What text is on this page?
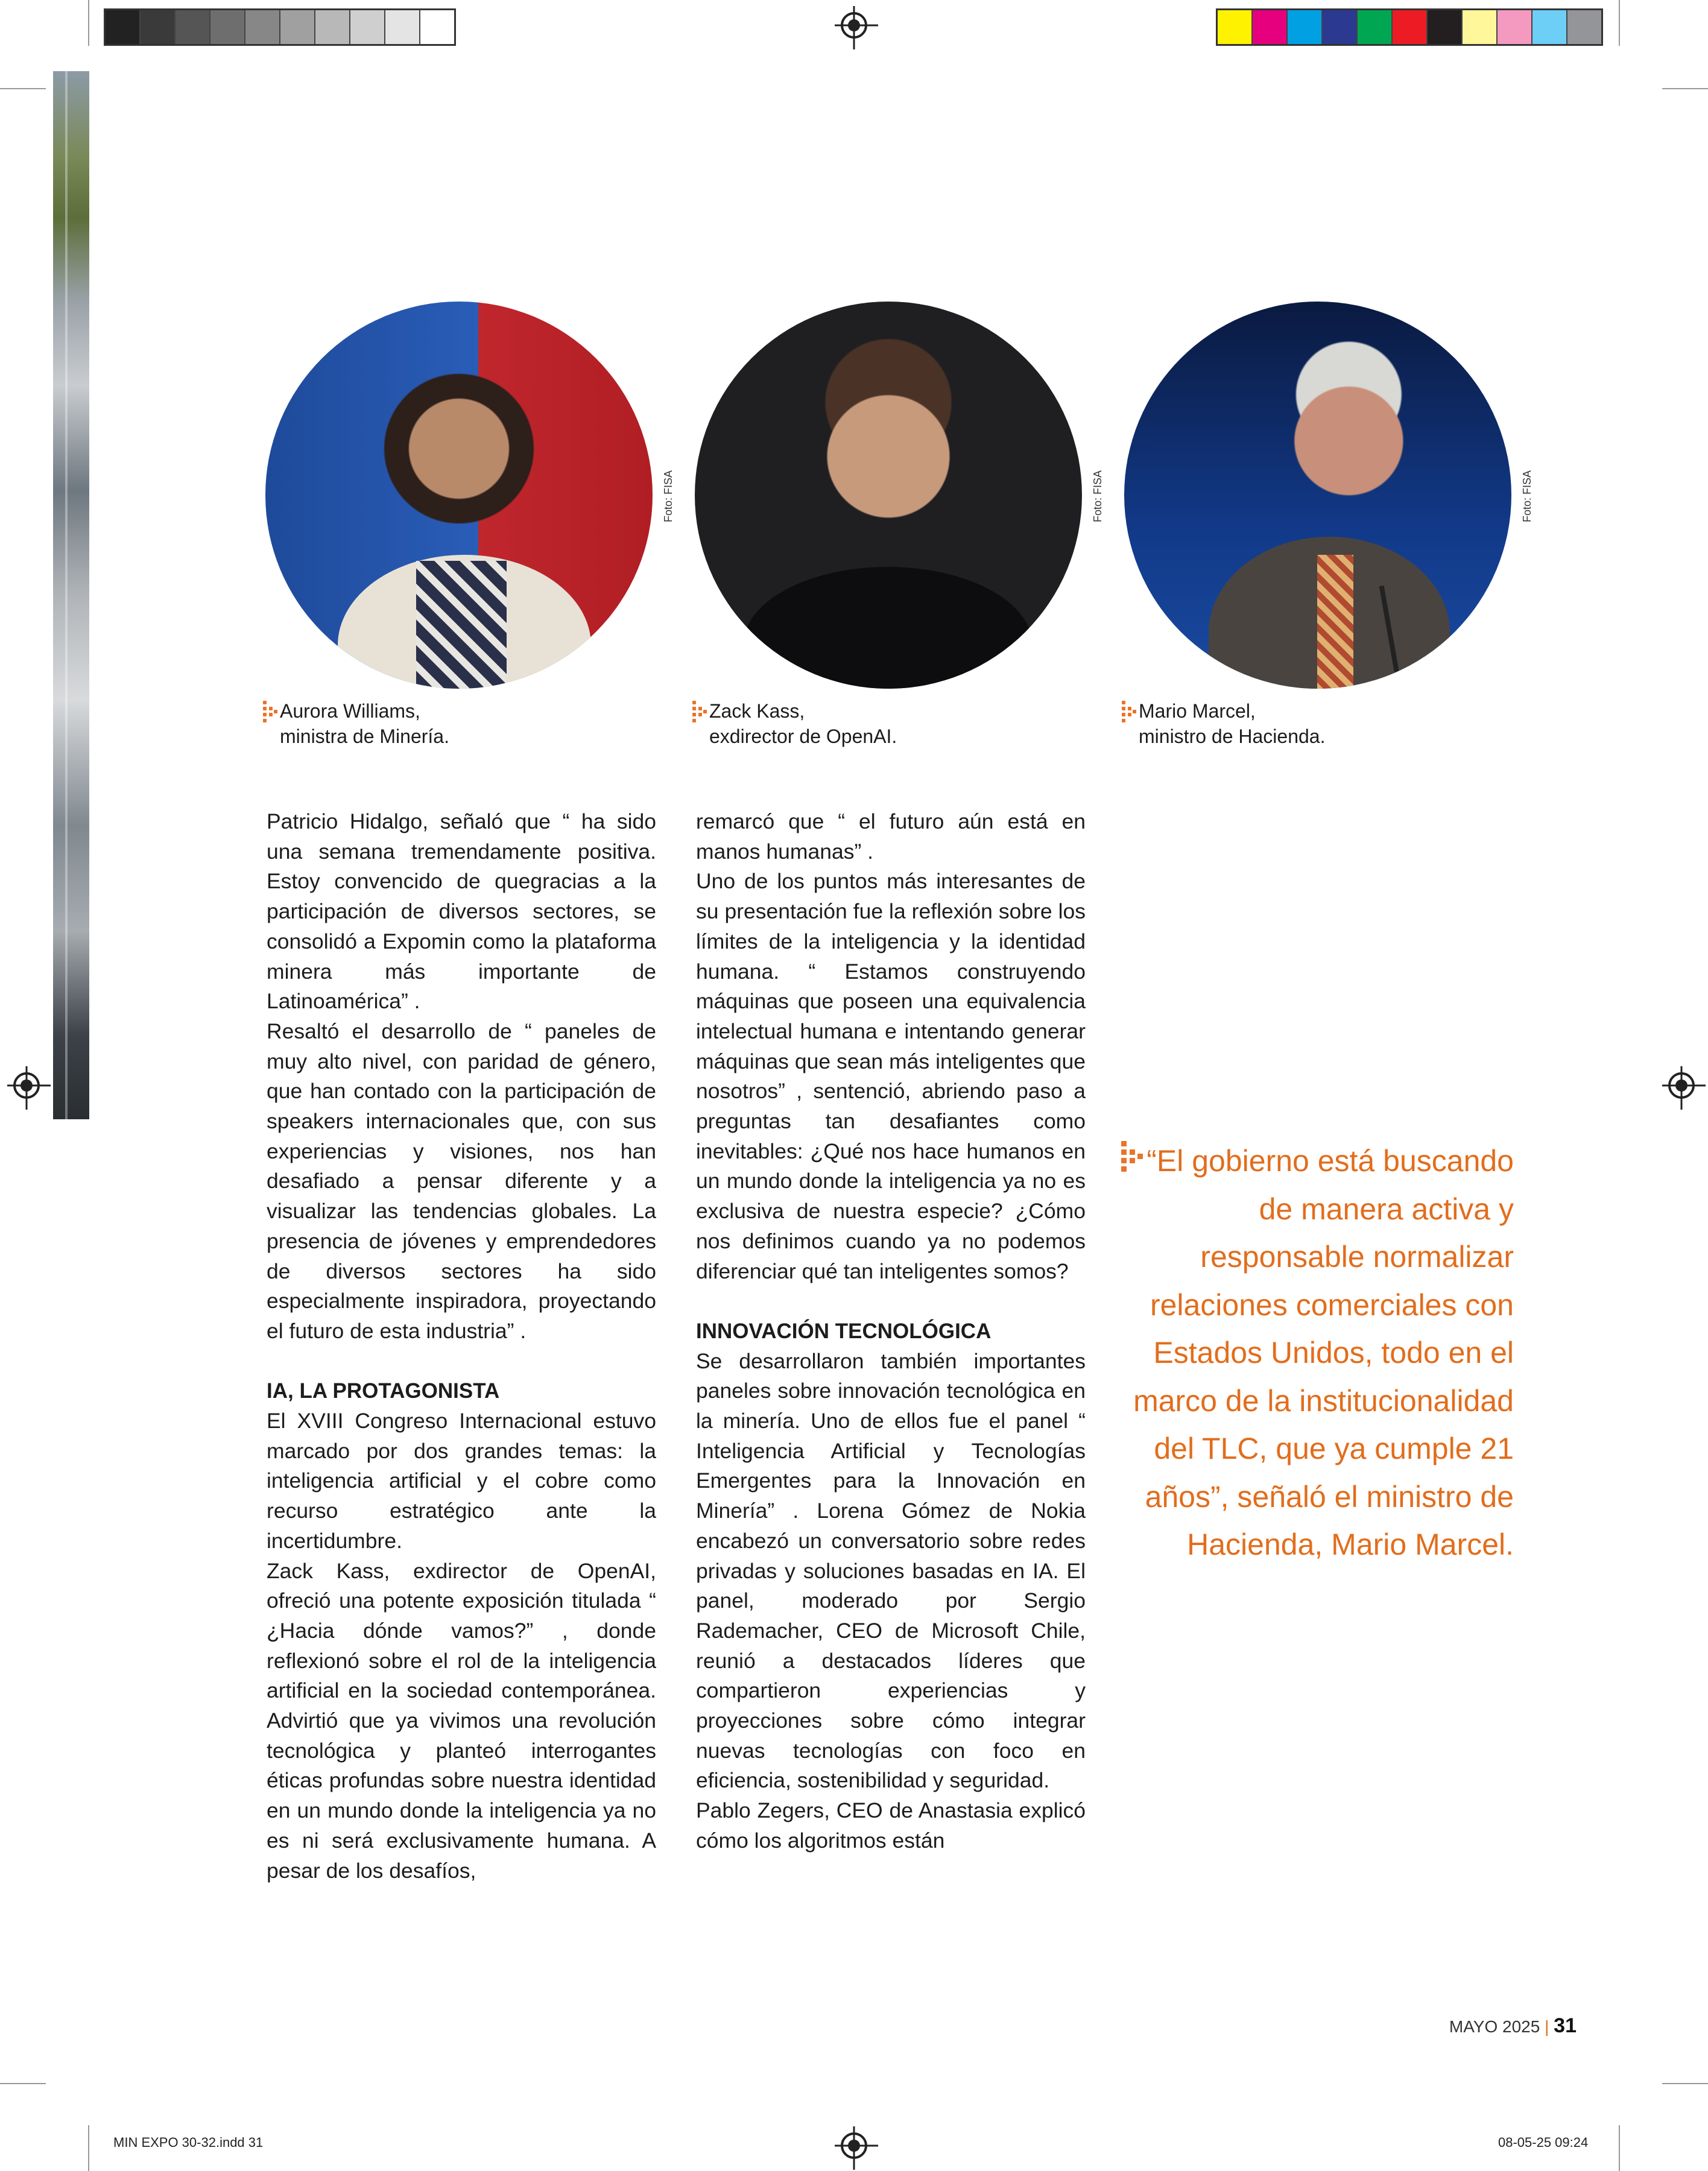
Foto: FISA	Foto: FISA	Foto: FISA
Aurora Williams,
ministra de Minería.
Zack Kass,
exdirector de OpenAI.
Mario Marcel,
ministro de Hacienda.

Patricio Hidalgo, señaló que “ ha sido una semana tremendamente positiva. Estoy convencido de quegracias a la participación de diversos sectores, se consolidó a Expomin como la plataforma minera más importante de Latinoamérica” .

Resaltó el desarrollo de “ paneles de muy alto nivel, con paridad de género, que han contado con la participación de speakers internacionales que, con sus experiencias y visiones, nos han desafiado a pensar diferente y a visualizar las tendencias globales. La presencia de jóvenes y emprendedores de diversos sectores ha sido especialmente inspiradora, proyectando el futuro de esta industria” .

IA, LA PROTAGONISTA

El XVIII Congreso Internacional estuvo marcado por dos grandes temas: la inteligencia artificial y el cobre como recurso estratégico ante la incertidumbre.

Zack Kass, exdirector de OpenAI, ofreció una potente exposición titulada “ ¿Hacia dónde vamos?” , donde reflexionó sobre el rol de la inteligencia artificial en la sociedad contemporánea. Advirtió que ya vivimos una revolución tecnológica y planteó interrogantes éticas profundas sobre nuestra identidad en un mundo donde la inteligencia ya no es ni será exclusivamente humana. A pesar de los desafíos,

remarcó que “ el futuro aún está en manos humanas” .

Uno de los puntos más interesantes de su presentación fue la reflexión sobre los límites de la inteligencia y la identidad humana. “ Estamos construyendo máquinas que poseen una equivalencia intelectual humana e intentando generar máquinas que sean más inteligentes que nosotros” , sentenció, abriendo paso a preguntas tan desafiantes como inevitables: ¿Qué nos hace humanos en un mundo donde la inteligencia ya no es exclusiva de nuestra especie? ¿Cómo nos definimos cuando ya no podemos diferenciar qué tan inteligentes somos?

INNOVACIÓN TECNOLÓGICA

Se desarrollaron también importantes paneles sobre innovación tecnológica en la minería. Uno de ellos fue el panel “ Inteligencia Artificial y Tecnologías Emergentes para la Innovación en Minería” . Lorena Gómez de Nokia encabezó un conversatorio sobre redes privadas y soluciones basadas en IA. El panel, moderado por Sergio Rademacher, CEO de Microsoft Chile, reunió a destacados líderes que compartieron experiencias y proyecciones sobre cómo integrar nuevas tecnologías con foco en eficiencia, sostenibilidad y seguridad.

Pablo Zegers, CEO de Anastasia explicó cómo los algoritmos están

“El gobierno está buscando de manera activa y responsable normalizar relaciones comerciales con Estados Unidos, todo en el marco de la institucionalidad del TLC, que ya cumple 21 años”, señaló el ministro de Hacienda, Mario Marcel.
MAYO 2025 | 31
MIN EXPO 30-32.indd 31	08-05-25 09:24
